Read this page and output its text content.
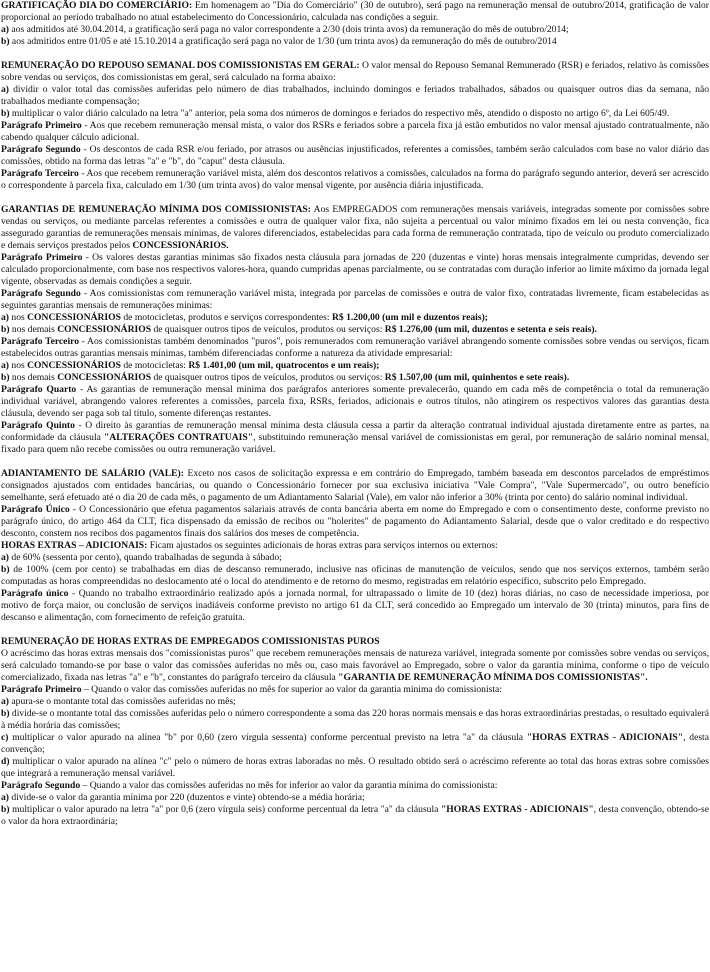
GRATIFICAÇÃO DIA DO COMERCIÁRIO: Em homenagem ao "Dia do Comerciário" (30 de outubro), será pago na remuneração mensal de outubro/2014, gratificação de valor proporcional ao período trabalhado no atual estabelecimento do Concessionário, calculada nas condições a seguir.

a) aos admitidos até 30.04.2014, a gratificação será paga no valor correspondente a 2/30 (dois trinta avos) da remuneração do mês de outubro/2014;

b) aos admitidos entre 01/05 e até 15.10.2014 a gratificação será paga no valor de 1/30 (um trinta avos) da remuneração do mês de outubro/2014

REMUNERAÇÃO DO REPOUSO SEMANAL DOS COMISSIONISTAS EM GERAL: O valor mensal do Repouso Semanal Remunerado (RSR) e feriados, relativo às comissões sobre vendas ou serviços, dos comissionistas em geral, será calculado na forma abaixo:

a) dividir o valor total das comissões auferidas pelo número de dias trabalhados, incluindo domingos e feriados trabalhados, sábados ou quaisquer outros dias da semana, não trabalhados mediante compensação;

b) multiplicar o valor diário calculado na letra "a" anterior, pela soma dos números de domingos e feriados do respectivo mês, atendido o disposto no artigo 6º, da Lei 605/49.

Parágrafo Primeiro - Aos que recebem remuneração mensal mista, o valor dos RSRs e feriados sobre a parcela fixa já estão embutidos no valor mensal ajustado contratualmente, não cabendo qualquer cálculo adicional.

Parágrafo Segundo - Os descontos de cada RSR e/ou feriado, por atrasos ou ausências injustificados, referentes a comissões, também serão calculados com base no valor diário das comissões, obtido na forma das letras "a" e "b", do "caput" desta cláusula.

Parágrafo Terceiro - Aos que recebem remuneração variável mista, além dos descontos relativos a comissões, calculados na forma do parágrafo segundo anterior, deverá ser acrescido o correspondente à parcela fixa, calculado em 1/30 (um trinta avos) do valor mensal vigente, por ausência diária injustificada.

GARANTIAS DE REMUNERAÇÃO MÍNIMA DOS COMISSIONISTAS: Aos EMPREGADOS com remunerações mensais variáveis, integradas somente por comissões sobre vendas ou serviços, ou mediante parcelas referentes a comissões e outra de qualquer valor fixa, não sujeita a percentual ou valor mínimo fixados em lei ou nesta convenção, fica assegurado garantias de remunerações mensais mínimas, de valores diferenciados, estabelecidas para cada forma de remuneração contratada, tipo de veículo ou produto comercializado e demais serviços prestados pelos CONCESSIONÁRIOS.

Parágrafo Primeiro - Os valores destas garantias mínimas são fixados nesta cláusula para jornadas de 220 (duzentas e vinte) horas mensais integralmente cumpridas, devendo ser calculado proporcionalmente, com base nos respectivos valores-hora, quando cumpridas apenas parcialmente, ou se contratadas com duração inferior ao limite máximo da jornada legal vigente, observadas as demais condições a seguir.

Parágrafo Segundo - Aos comissionistas com remuneração variável mista, integrada por parcelas de comissões e outra de valor fixo, contratadas livremente, ficam estabelecidas as seguintes garantias mensais de remunerações mínimas:

a) nos CONCESSIONÁRIOS de motocicletas, produtos e serviços correspondentes: R$ 1.200,00 (um mil e duzentos reais);

b) nos demais CONCESSIONÁRIOS de quaisquer outros tipos de veículos, produtos ou serviços: R$ 1.276,00 (um mil, duzentos e setenta e seis reais).

Parágrafo Terceiro - Aos comissionistas também denominados "puros", pois remunerados com remuneração variável abrangendo somente comissões sobre vendas ou serviços, ficam estabelecidos outras garantias mensais mínimas, também diferenciadas conforme a natureza da atividade empresarial:

a) nos CONCESSIONÁRIOS de motocicletas: R$ 1.401,00 (um mil, quatrocentos e um reais);

b) nos demais CONCESSIONÁRIOS de quaisquer outros tipos de veículos, produtos ou serviços: R$ 1.507,00 (um mil, quinhentos e sete reais).

Parágrafo Quarto - As garantias de remuneração mensal mínima dos parágrafos anteriores somente prevalecerão, quando em cada mês de competência o total da remuneração individual variável, abrangendo valores referentes a comissões, parcela fixa, RSRs, feriados, adicionais e outros títulos, não atingirem os respectivos valores das garantias desta cláusula, devendo ser paga sob tal título, somente diferenças restantes.

Parágrafo Quinto - O direito às garantias de remuneração mensal mínima desta cláusula cessa a partir da alteração contratual individual ajustada diretamente entre as partes, na conformidade da cláusula "ALTERAÇÕES CONTRATUAIS", substituindo remuneração mensal variável de comissionistas em geral, por remuneração de salário nominal mensal, fixado para quem não recebe comissões ou outra remuneração variável.

ADIANTAMENTO DE SALÁRIO (VALE): Exceto nos casos de solicitação expressa e em contrário do Empregado, também baseada em descontos parcelados de empréstimos consignados ajustados com entidades bancárias, ou quando o Concessionário fornecer por sua exclusiva iniciativa "Vale Compra", "Vale Supermercado", ou outro benefício semelhante, será efetuado até o dia 20 de cada mês, o pagamento de um Adiantamento Salarial (Vale), em valor não inferior a 30% (trinta por cento) do salário nominal individual.

Parágrafo Único - O Concessionário que efetua pagamentos salariais através de conta bancária aberta em nome do Empregado e com o consentimento deste, conforme previsto no parágrafo único, do artigo 464 da CLT, fica dispensado da emissão de recibos ou "holerites" de pagamento do Adiantamento Salarial, desde que o valor creditado e do respectivo desconto, constem nos recibos dos pagamentos finais dos salários dos meses de competência.

HORAS EXTRAS – ADICIONAIS: Ficam ajustados os seguintes adicionais de horas extras para serviços internos ou externos:

a) de 60% (sessenta por cento), quando trabalhadas de segunda à sábado;

b) de 100% (cem por cento) se trabalhadas em dias de descanso remunerado, inclusive nas oficinas de manutenção de veículos, sendo que nos serviços externos, também serão computadas as horas compreendidas no deslocamento até o local do atendimento e de retorno do mesmo, registradas em relatório específico, subscrito pelo Empregado.

Parágrafo único - Quando no trabalho extraordinário realizado após a jornada normal, for ultrapassado o limite de 10 (dez) horas diárias, no caso de necessidade imperiosa, por motivo de força maior, ou conclusão de serviços inadiáveis conforme previsto no artigo 61 da CLT, será concedido ao Empregado um intervalo de 30 (trinta) minutos, para fins de descanso e alimentação, com fornecimento de refeição gratuita.

REMUNERAÇÃO DE HORAS EXTRAS DE EMPREGADOS COMISSIONISTAS PUROS

O acréscimo das horas extras mensais dos "comissionistas puros" que recebem remunerações mensais de natureza variável, integrada somente por comissões sobre vendas ou serviços, será calculado tomando-se por base o valor das comissões auferidas no mês ou, caso mais favorável ao Empregado, sobre o valor da garantia mínima, conforme o tipo de veículo comercializado, fixada nas letras "a" e "b", constantes do parágrafo terceiro da cláusula "GARANTIA DE REMUNERAÇÃO MÍNIMA DOS COMISSIONISTAS".

Parágrafo Primeiro – Quando o valor das comissões auferidas no mês for superior ao valor da garantia mínima do comissionista:

a) apura-se o montante total das comissões auferidas no mês;

b) divide-se o montante total das comissões auferidas pelo o número correspondente a soma das 220 horas normais mensais e das horas extraordinárias prestadas, o resultado equivalerá à média horária das comissões;

c) multiplicar o valor apurado na alínea "b" por 0,60 (zero vírgula sessenta) conforme percentual previsto na letra "a" da cláusula "HORAS EXTRAS - ADICIONAIS", desta convenção;

d) multiplicar o valor apurado na alínea "c" pelo o número de horas extras laboradas no mês. O resultado obtido será o acréscimo referente ao total das horas extras sobre comissões que integrará a remuneração mensal variável.

Parágrafo Segundo – Quando a valor das comissões auferidas no mês for inferior ao valor da garantia mínima do comissionista:

a) divide-se o valor da garantia mínima por 220 (duzentos e vinte) obtendo-se a média horária;

b) multiplicar o valor apurado na letra "a" por 0,6 (zero vírgula seis) conforme percentual da letra "a" da cláusula "HORAS EXTRAS - ADICIONAIS", desta convenção, obtendo-se o valor da hora extraordinária;
